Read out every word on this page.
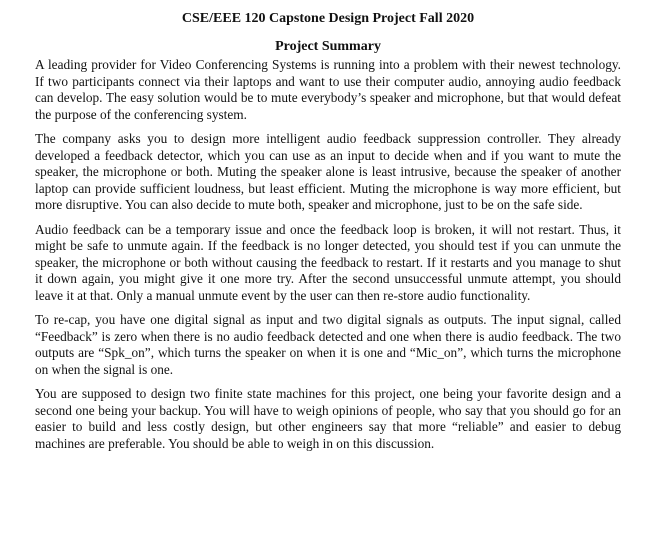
CSE/EEE 120 Capstone Design Project Fall 2020
Project Summary

A leading provider for Video Conferencing Systems is running into a problem with their newest technology. If two participants connect via their laptops and want to use their computer audio, annoying audio feedback can develop. The easy solution would be to mute everybody’s speaker and microphone, but that would defeat the purpose of the conferencing system.

The company asks you to design more intelligent audio feedback suppression controller. They already developed a feedback detector, which you can use as an input to decide when and if you want to mute the speaker, the microphone or both. Muting the speaker alone is least intrusive, because the speaker of another laptop can provide sufficient loudness, but least efficient. Muting the microphone is way more efficient, but more disruptive. You can also decide to mute both, speaker and microphone, just to be on the safe side.

Audio feedback can be a temporary issue and once the feedback loop is broken, it will not restart. Thus, it might be safe to unmute again. If the feedback is no longer detected, you should test if you can unmute the speaker, the microphone or both without causing the feedback to restart. If it restarts and you manage to shut it down again, you might give it one more try. After the second unsuccessful unmute attempt, you should leave it at that. Only a manual unmute event by the user can then re-store audio functionality.

To re-cap, you have one digital signal as input and two digital signals as outputs. The input signal, called “Feedback” is zero when there is no audio feedback detected and one when there is audio feedback. The two outputs are “Spk_on”, which turns the speaker on when it is one and “Mic_on”, which turns the microphone on when the signal is one.

You are supposed to design two finite state machines for this project, one being your favorite design and a second one being your backup. You will have to weigh opinions of people, who say that you should go for an easier to build and less costly design, but other engineers say that more “reliable” and easier to debug machines are preferable. You should be able to weigh in on this discussion.
